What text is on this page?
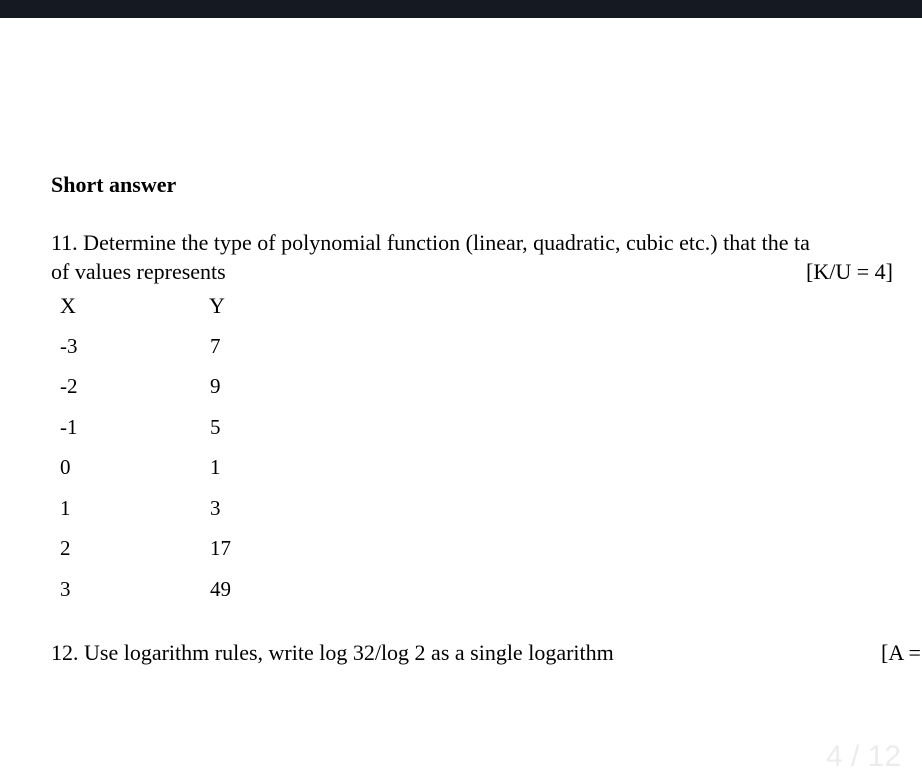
Short answer
11. Determine the type of polynomial function (linear, quadratic, cubic etc.) that the ta
of values represents	[K/U = 4]
X	Y
-3	7
-2	9
-1	5
0	1
1	3
2	17
3	49
12. Use logarithm rules, write log 32/log 2 as a single logarithm	[A =
4 / 12
